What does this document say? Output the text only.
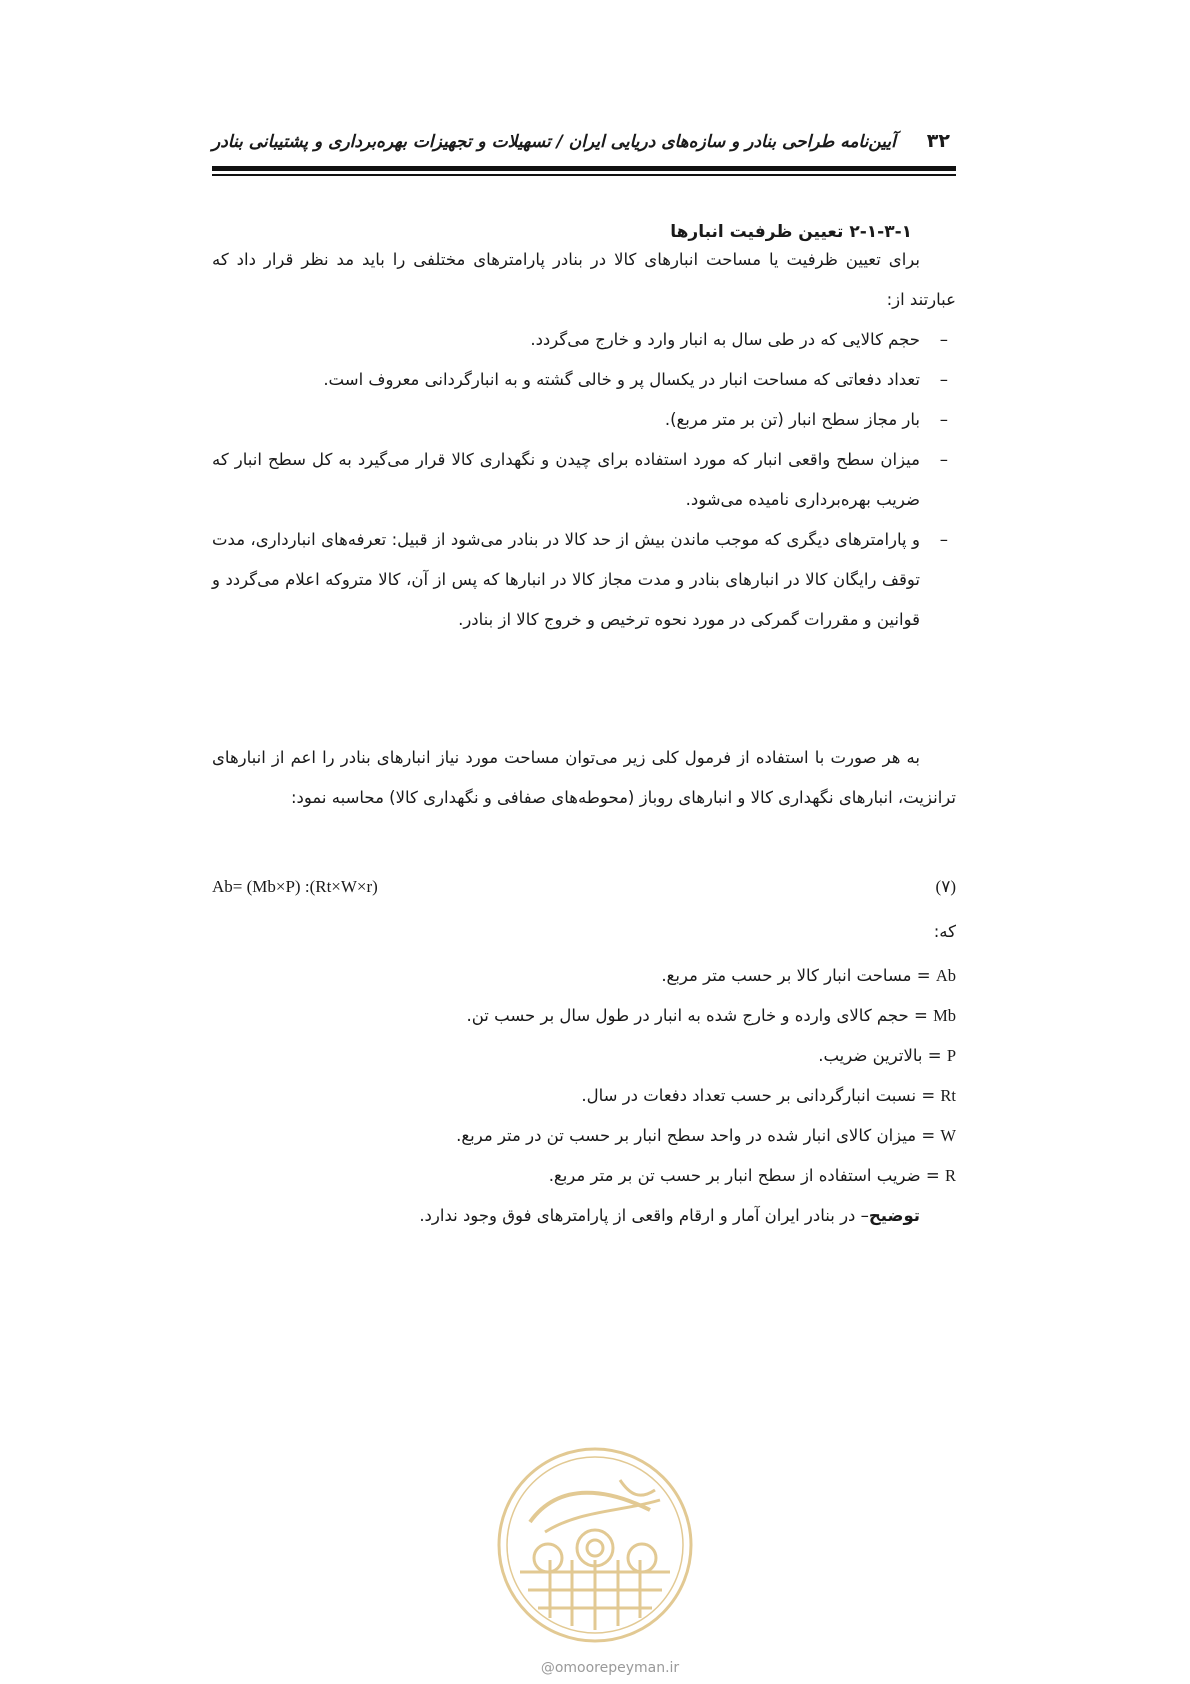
۳۲
آیین‌نامه طراحی بنادر و سازه‌های دریایی ایران / تسهیلات و تجهیزات بهره‌برداری و پشتیبانی بنادر
۲-۱-۳-۱ تعیین ظرفیت انبارها
برای تعیین ظرفیت یا مساحت انبارهای کالا در بنادر پارامترهای مختلفی را باید مد نظر قرار داد که عبارتند از:
–
حجم کالایی که در طی سال به انبار وارد و خارج می‌گردد.
–
تعداد دفعاتی که مساحت انبار در یکسال پر و خالی گشته و به انبارگردانی معروف است.
–
بار مجاز سطح انبار (تن بر متر مربع).
–
میزان سطح واقعی انبار که مورد استفاده برای چیدن و نگهداری کالا قرار می‌گیرد به کل سطح انبار که ضریب بهره‌برداری نامیده می‌شود.
–
و پارامترهای دیگری که موجب ماندن بیش از حد کالا در بنادر می‌شود از قبیل: تعرفه‌های انبارداری، مدت توقف رایگان کالا در انبارهای بنادر و مدت مجاز کالا در انبارها که پس از آن، کالا متروکه اعلام می‌گردد و قوانین و مقررات گمرکی در مورد نحوه ترخیص و خروج کالا از بنادر.
به هر صورت با استفاده از فرمول کلی زیر می‌توان مساحت مورد نیاز انبارهای بنادر را اعم از انبارهای ترانزیت، انبارهای نگهداری کالا و انبارهای روباز (محوطه‌های صفافی و نگهداری کالا) محاسبه نمود:
Ab= (Mb×P) :(Rt×W×r)	(۷)
که:
Ab = مساحت انبار کالا بر حسب متر مربع.
Mb = حجم کالای وارده و خارج شده به انبار در طول سال بر حسب تن.
P = بالاترین ضریب.
Rt = نسبت انبارگردانی بر حسب تعداد دفعات در سال.
W = میزان کالای انبار شده در واحد سطح انبار بر حسب تن در متر مربع.
R = ضریب استفاده از سطح انبار بر حسب تن بر متر مربع.
توضیح– در بنادر ایران آمار و ارقام واقعی از پارامترهای فوق وجود ندارد.
@omoorepeyman.ir
